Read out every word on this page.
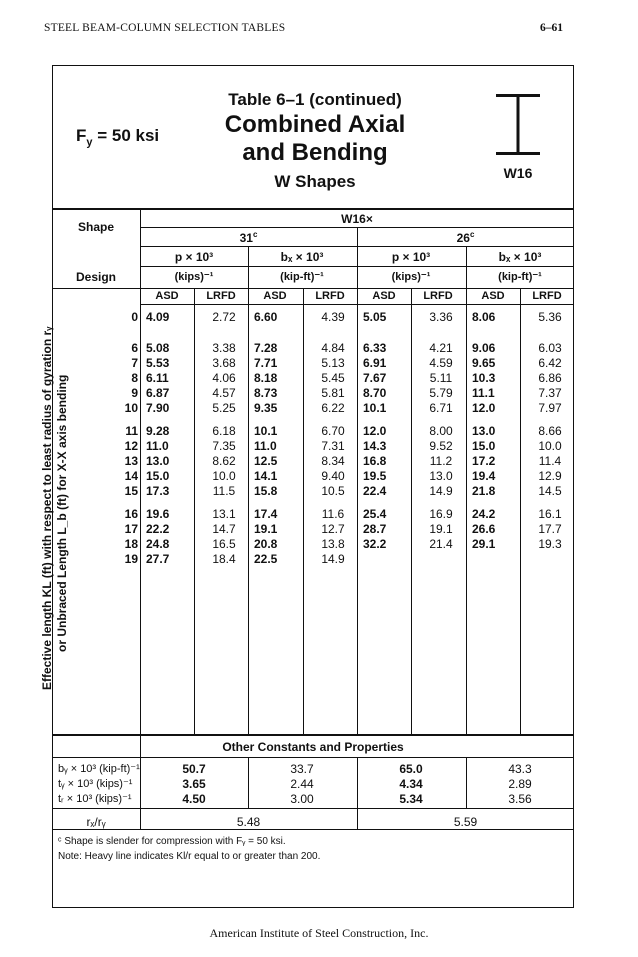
STEEL BEAM-COLUMN SELECTION TABLES	6–61
$F_y = 50$ ksi
Table 6–1 (continued)
Combined Axial
and Bending
W Shapes	W16
Shape
Design
W16×
$31^c$	26$^c$
p × 10³
(kips)⁻¹
bₓ × 10³
(kip-ft)⁻¹
p × 10³
(kips)⁻¹
bₓ × 10³
(kip-ft)⁻¹
ASD	LRFD	ASD	LRFD	ASD	LRFD	ASD	LRFD
Effective length KL (ft) with respect to least radius of gyration rᵧ or Unbraced Length L_b (ft) for X-X axis bending
0 4.09	2.72	6.60	4.39	5.05	3.36	8.06	5.36
6 5.08	3.38	7.28	4.84	6.33	4.21	9.06	6.03
7 5.53	3.68	7.71	5.13	6.91	4.59	9.65	6.42
8 6.11	4.06	8.18	5.45	7.67	5.11	10.3	6.86
9 6.87	4.57	8.73	5.81	8.70	5.79	11.1	7.37
10 7.90	5.25	9.35	6.22	10.1	6.71	12.0	7.97
11 9.28	6.18	10.1	6.70	12.0	8.00	13.0	8.66
12 11.0	7.35	11.0	7.31	14.3	9.52	15.0	10.0
13 13.0	8.62	12.5	8.34	16.8	11.2	17.2	11.4
14 15.0	10.0	14.1	9.40	19.5	13.0	19.4	12.9
15 17.3	11.5	15.8	10.5	22.4	14.9	21.8	14.5
16 19.6	13.1	17.4	11.6	25.4	16.9	24.2	16.1
17 22.2	14.7	19.1	12.7	28.7	19.1	26.6	17.7
18 24.8	16.5	20.8	13.8	32.2	21.4	29.1	19.3
19 27.7	18.4	22.5	14.9
Other Constants and Properties
bᵧ × 10³ (kip-ft)⁻¹	50.7	33.7	65.0	43.3
tᵧ × 10³ (kips)⁻¹	3.65	2.44	4.34	2.89
tᵣ × 10³ (kips)⁻¹	4.50	3.00	5.34	3.56
rₓ/rᵧ	5.48	5.59
ᶜ Shape is slender for compression with Fᵧ = 50 ksi.
Note: Heavy line indicates Kl/r equal to or greater than 200.
American Institute of Steel Construction, Inc.
